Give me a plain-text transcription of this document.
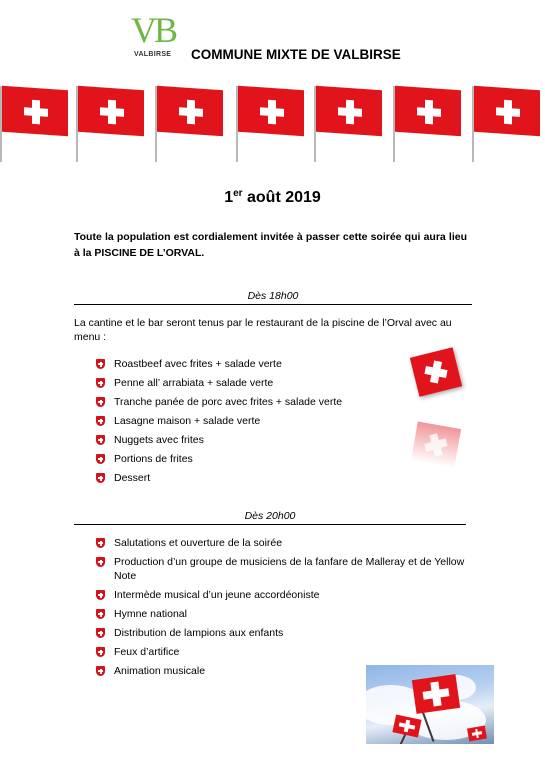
VB
VALBIRSE COMMUNE MIXTE DE VALBIRSE
1er août 2019
Toute la population est cordialement invitée à passer cette soirée qui aura lieu à la PISCINE DE L’ORVAL.
Dès 18h00
La cantine et le bar seront tenus par le restaurant de la piscine de l’Orval avec au menu :
Roastbeef avec frites + salade verte
Penne all’ arrabiata + salade verte
Tranche panée de porc avec frites + salade verte
Lasagne maison + salade verte
Nuggets avec frites
Portions de frites
Dessert
Dès 20h00
Salutations et ouverture de la soirée
Production d’un groupe de musiciens de la fanfare de Malleray et de Yellow Note
Intermède musical d’un jeune accordéoniste
Hymne national
Distribution de lampions aux enfants
Feux d’artifice
Animation musicale
